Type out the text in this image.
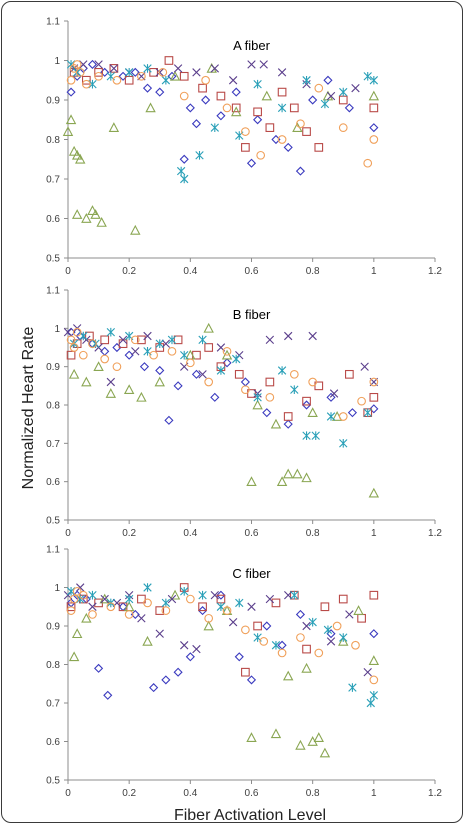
0.5
0.6
0.7
0.8
0.9
1
1.1
0	0.2	0.4	0.6	0.8	1	1.2
A fiber
0.5
0.6
0.7
0.8
0.9
1
1.1
0	0.2	0.4	0.6	0.8	1	1.2
B fiber
0.5
0.6
0.7
0.8
0.9
1
1.1
0	0.2	0.4	0.6	0.8	1	1.2
C fiber
Normalized Heart Rate
Fiber Activation Level
